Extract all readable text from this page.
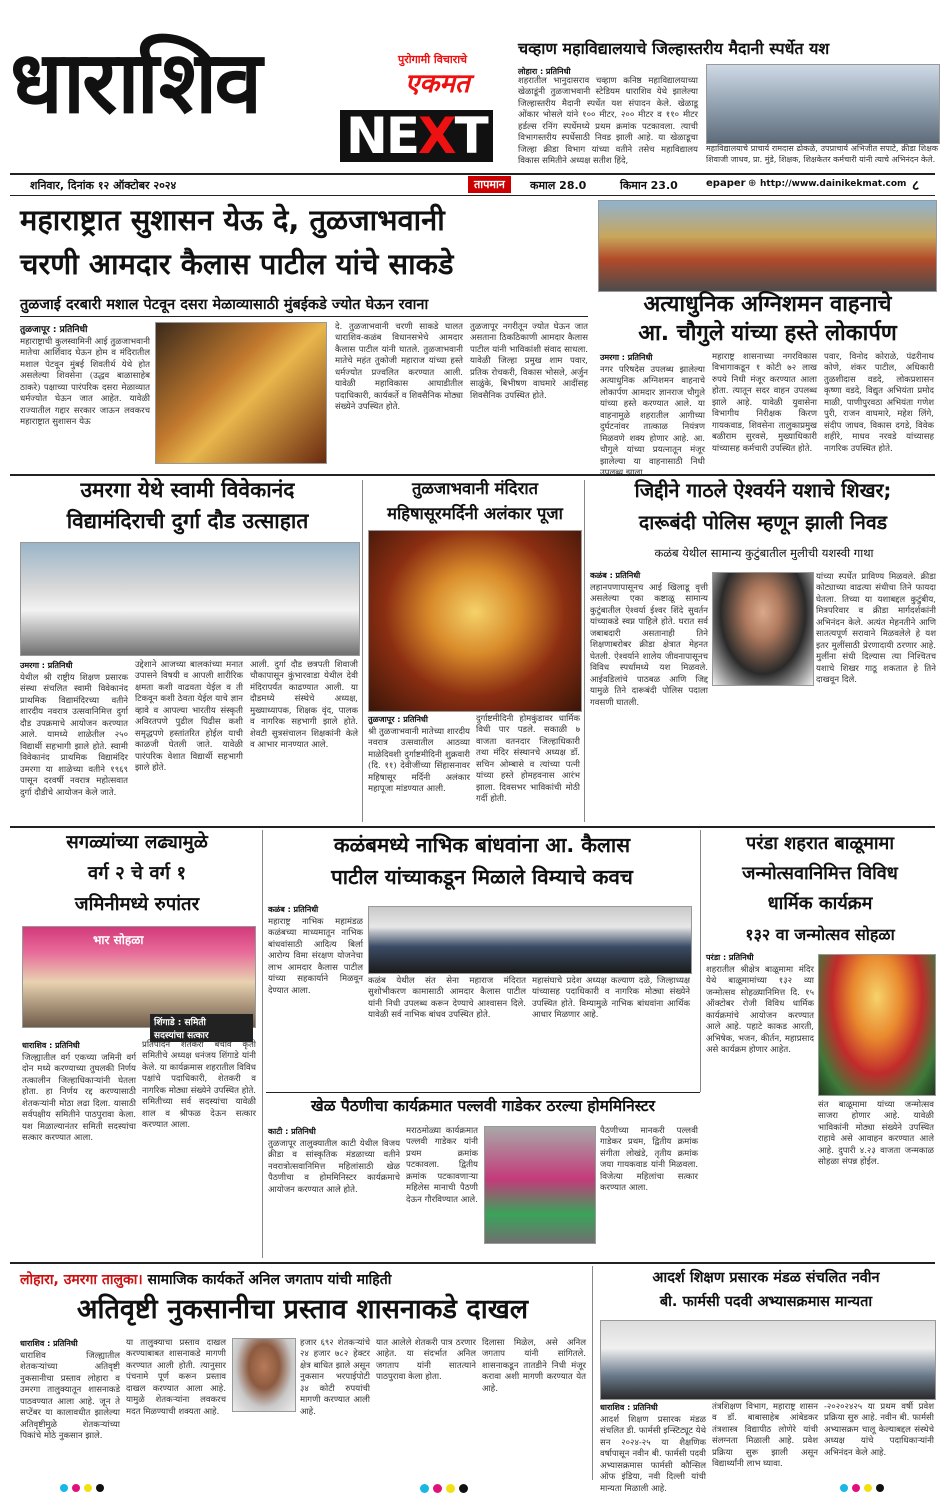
धाराशिव	पुरोगामी विचाराचे
एकमत
NEXT
चव्हाण महाविद्यालयाचे जिल्हास्तरीय मैदानी स्पर्धेत यश
लोहारा : प्रतिनिधी
शहरातील भानुदासराव चव्हाण कनिष्ठ महाविद्यालयाच्या खेळाडूंनी तुळजाभवानी स्टेडियम धाराशिव येथे झालेल्या जिल्हास्तरीय मैदानी स्पर्धेत यश संपादन केले. खेळाडू ओंकार भोसले यांने १०० मीटर, २०० मीटर व ११० मीटर हर्डल्स रनिंग स्पर्धेमध्ये प्रथम क्रमांक पटकावला. त्याची विभागस्तरीय स्पर्धेसाठी निवड झाली आहे. या खेळाडूचा जिल्हा क्रीडा विभाग यांच्या वतीने तसेच महाविद्यालय विकास समितीने अध्यक्ष सतीश हिंदे,
महाविद्यालयाचे प्राचार्य रामदास ढोकळे, उपप्राचार्य अभिजीत सपाटे, क्रीडा शिक्षक शिवाजी जाधव, प्रा. मुंडे, शिक्षक, शिक्षकेतर कर्मचारी यांनी त्याचे अभिनंदन केले.
शनिवार, दिनांक १२ ऑक्टोबर २०२४	तापमान	कमाल 28.0	किमान 23.0	epaper ⊕ http://www.dainikekmat.com ८
महाराष्ट्रात सुशासन येऊ दे, तुळजाभवानी
चरणी आमदार कैलास पाटील यांचे साकडे
तुळजाई दरबारी मशाल पेटवून दसरा मेळाव्यासाठी मुंबईकडे ज्योत घेऊन रवाना
तुळजापूर : प्रतिनिधी
महाराष्ट्राची कुलस्वामिनी आई तुळजाभवानी मातेचा आर्शिवाद घेऊन होम व मंदिरातील मशाल पेटवून मुंबई शिवतीर्थ येथे होत असलेल्या शिवसेना (उद्धव बाळासाहेब ठाकरे) पक्षाच्या पारंपरिक दसरा मेळाव्यात धर्मज्योत घेऊन जात आहेत. यावेळी राज्यातील गद्दार सरकार जाऊन लवकरच महाराष्ट्रात सुशासन येऊ
दे. तुळजाभवानी चरणी साकडे घालत धाराशिव-कळंब विधानसभेचे आमदार कैलास पाटील यांनी घातले. तुळजाभवानी मातेचे महंत तुकोजी महाराज यांच्या हस्ते धर्मज्योत प्रज्वलित करण्यात आली. यावेळी महाविकास आघाडीतील पदाधिकारी, कार्यकर्ते व शिवसैनिक मोठ्या संख्येने उपस्थित होते.
तुळजापूर नगरीतून ज्योत घेऊन जात असताना ठिकठिकाणी आमदार कैलास पाटील यांनी भाविकांशी संवाद साधला. यावेळी जिल्हा प्रमुख शाम पवार, प्रतिक रोचकरी, विकास भोसले, अर्जुन साळुंके, बिभीषण वाघमारे आदींसह शिवसैनिक उपस्थित होते.
अत्याधुनिक अग्निशमन वाहनाचे
आ. चौगुले यांच्या हस्ते लोकार्पण
उमरगा : प्रतिनिधी
नगर परिषदेस उपलब्ध झालेल्या अत्याधुनिक अग्निशमन वाहनाचे लोकार्पण आमदार ज्ञानराज चौगुले यांच्या हस्ते करण्यात आले. या वाहनामुळे शहरातील आगीच्या दुर्घटनांवर तात्काळ नियंत्रण मिळवणे शक्य होणार आहे. आ. चौगुले यांच्या प्रयत्नातून मंजूर झालेल्या या वाहनासाठी निधी
महाराष्ट्र शासनाच्या नगरविकास विभागाकडून १ कोटी ७२ लाख रुपये निधी मंजूर करण्यात आला होता. त्यातून सदर वाहन उपलब्ध झाले आहे. यावेळी युवासेना विभागीय निरीक्षक किरण गायकवाड, शिवसेना तालुकाप्रमुख बळीराम सुरवसे, मुख्याधिकारी यांच्यासह कर्मचारी उपस्थित होते.
पवार, विनोद कोराळे, पंढरीनाथ कोणे, शंकर पाटील, अधिकारी तुळशीदास वडदे, लोकप्रशासन कृष्णा वडदे, विद्युत अभियंता प्रमोद माळी, पाणीपुरवठा अभियंता गणेश पुरी, राजन वाघमारे, महेश लिंगे, संदीप जाधव, विकास दगडे, विवेक शहीरे, माधव नरवडे यांच्यासह नागरिक उपस्थित होते.
उमरगा येथे स्वामी विवेकानंद
विद्यामंदिराची दुर्गा दौड उत्साहात
उमरगा : प्रतिनिधी
येथील श्री राष्ट्रीय शिक्षण प्रसारक संस्था संचलित स्वामी विवेकानंद प्राथमिक विद्यामंदिरच्या वतीने शारदीय नवरात्र उत्सवानिमित्त दुर्गा दौड उपक्रमाचे आयोजन करण्यात आले. यामध्ये शाळेतील २५० विद्यार्थी सहभागी झाले होते. स्वामी विवेकानंद प्राथमिक विद्यामंदिर उमरगा या शाळेच्या वतीने १९६९ पासून दरवर्षी नवरात्र महोत्सवात दुर्गा दौडीचे आयोजन केले जाते.
उद्देशाने आजच्या बालकांच्या मनात उपासने विषयी व आपली शारीरिक क्षमता कशी वाढवता येईल व ती टिकवून कशी ठेवता येईल याचे ज्ञान व्हावे व आपल्या भारतीय संस्कृती अविरतपणे पुढील पिढीस कशी समृद्धपणे हस्तांतरित होईल याची काळजी घेतली जाते. यावेळी पारंपरिक वेशात विद्यार्थी सहभागी झाले होते.
आली. दुर्गा दौड छत्रपती शिवाजी चौकापासून कुंभारवाडा येथील देवी मंदिरापर्यंत काढण्यात आली. या दौडमध्ये संस्थेचे अध्यक्ष, मुख्याध्यापक, शिक्षक वृंद, पालक व नागरिक सहभागी झाले होते. शेवटी सुत्रसंचालन शिक्षकांनी केले व आभार मानण्यात आले.
तुळजाभवानी मंदिरात
महिषासूरमर्दिनी अलंकार पूजा
तुळजापूर : प्रतिनिधी
श्री तुळजाभवानी मातेच्या शारदीय नवरात्र उत्सवातील आठव्या माळेदिवशी दुर्गाष्टमीदिनी शुक्रवारी (दि. ११) देवीजींच्या सिंहासनावर महिषासूर मर्दिनी अलंकार महापूजा मांडण्यात आली.
दुर्गाष्टमीदिनी होमकुंडावर धार्मिक विधी पार पडले. सकाळी ७ वाजता वतनदार जिल्हाधिकारी तथा मंदिर संस्थानचे अध्यक्ष डॉ. सचिन ओम्बासे व त्यांच्या पत्नी यांच्या हस्ते होमहवनास आरंभ झाला. दिवसभर भाविकांची मोठी गर्दी होती.
जिद्दीने गाठले ऐश्वर्यने यशाचे शिखर;
दारूबंदी पोलिस म्हणून झाली निवड
कळंब येथील सामान्य कुटुंबातील मुलीची यशस्वी गाथा
कळंब : प्रतिनिधी
लहानपणापासूनच आई खिलाडू वृत्ती असलेल्या एका कष्टाळू सामान्य कुटुंबातील ऐश्वर्या ईश्वर शिंदे सुवर्तन यांच्याकडे स्वप्न पाहिले होते. घरात सर्व जबाबदारी असतानाही तिने शिक्षणाबरोबर क्रीडा क्षेत्रात मेहनत घेतली. ऐश्वर्याने शालेय जीवनापासूनच विविध स्पर्धांमध्ये यश मिळवले. आईवडिलांचे पाठबळ आणि जिद्द यामुळे तिने दारूबंदी पोलिस पदाला गवसणी घातली.
यांच्या स्पर्धेत प्राविण्य मिळवले. क्रीडा कोट्याच्या वाढत्या संधीचा तिने फायदा घेतला. तिच्या या यशाबद्दल कुटुंबीय, मित्रपरिवार व क्रीडा मार्गदर्शकांनी अभिनंदन केले. अत्यंत मेहनतीने आणि सातत्यपूर्ण सरावाने मिळवलेले हे यश इतर मुलींसाठी प्रेरणादायी ठरणार आहे. मुलींना संधी दिल्यास त्या निश्चितच यशाचे शिखर गाठू शकतात हे तिने दाखवून दिले.
सगळ्यांच्या लढ्यामुळे
वर्ग २ चे वर्ग १
जमिनीमध्ये रुपांतर
भार सोहळा
शिंगाडे : समिती
सदस्यांचा सत्कार
धाराशिव : प्रतिनिधी
जिल्ह्यातील वर्ग एकच्या जमिनी वर्ग दोन मध्ये करण्याच्या तुघलकी निर्णय तत्कालीन जिल्हाधिकाऱ्यांनी घेतला होता. हा निर्णय रद्द करण्यासाठी शेतकऱ्यांनी मोठा लढा दिला. यासाठी सर्वपक्षीय समितीने पाठपुरावा केला. यश मिळाल्यानंतर समिती सदस्यांचा सत्कार करण्यात आला.
प्रतिपादन शेतकरी बचाव कृती समितीचे अध्यक्ष धनंजय शिंगाडे यांनी केले. या कार्यक्रमास शहरातील विविध पक्षांचे पदाधिकारी, शेतकरी व नागरिक मोठ्या संख्येने उपस्थित होते. समितीच्या सर्व सदस्यांचा यावेळी शाल व श्रीफळ देऊन सत्कार करण्यात आला.
कळंबमध्ये नाभिक बांधवांना आ. कैलास
पाटील यांच्याकडून मिळाले विम्याचे कवच
कळंब : प्रतिनिधी
महाराष्ट्र नाभिक महामंडळ कळंबच्या माध्यमातून नाभिक बांधवांसाठी आदित्य बिर्ला आरोग्य विमा संरक्षण योजनेचा लाभ आमदार कैलास पाटील यांच्या सहकार्याने मिळवून देण्यात आला.
कळंब येथील संत सेना महाराज मंदिरात सुशोभीकरण कामासाठी आमदार कैलास पाटील यांनी निधी उपलब्ध करून देण्याचे आश्वासन दिले. यावेळी सर्व नाभिक बांधव उपस्थित होते.
महासंघाचे प्रदेश अध्यक्ष कल्याण दळे, जिल्हाध्यक्ष यांच्यासह पदाधिकारी व नागरिक मोठ्या संख्येने उपस्थित होते. विम्यामुळे नाभिक बांधवांना आर्थिक आधार मिळणार आहे.
परंडा शहरात बाळूमामा
जन्मोत्सवानिमित्त विविध
धार्मिक कार्यक्रम
१३२ वा जन्मोत्सव सोहळा
परंडा : प्रतिनिधी
शहरातील श्रीक्षेत्र बाळूमामा मंदिर येथे बाळूमामांच्या १३२ व्या जन्मोत्सव सोहळ्यानिमित्त दि. १५ ऑक्टोबर रोजी विविध धार्मिक कार्यक्रमांचे आयोजन करण्यात आले आहे. पहाटे काकड आरती, अभिषेक, भजन, कीर्तन, महाप्रसाद असे कार्यक्रम होणार आहेत.
संत बाळूमामा यांच्या जन्मोत्सव साजरा होणार आहे. यावेळी भाविकांनी मोठ्या संख्येने उपस्थित राहावे असे आवाहन करण्यात आले आहे. दुपारी ४.२३ वाजता जन्मकाळ सोहळा संपन्न होईल.
खेळ पैठणीचा कार्यक्रमात पल्लवी गाडेकर ठरल्या होममिनिस्टर
काटी : प्रतिनिधी
तुळजापूर तालुक्यातील काटी येथील विजय क्रीडा व सांस्कृतिक मंडळाच्या वतीने नवरात्रोत्सवानिमित्त महिलांसाठी खेळ पैठणीचा व होममिनिस्टर कार्यक्रमाचे आयोजन करण्यात आले होते.
मराठमोळ्या कार्यक्रमात पल्लवी गाडेकर यांनी प्रथम क्रमांक पटकावला. द्वितीय क्रमांक पटकावणाऱ्या महिलेस मानाची पैठणी देऊन गौरविण्यात आले.
पैठणीच्या मानकरी पल्लवी गाडेकर प्रथम, द्वितीय क्रमांक संगीता लोखंडे, तृतीय क्रमांक जया गायकवाड यांनी मिळवला. विजेत्या महिलांचा सत्कार करण्यात आला.
लोहारा, उमरगा तालुका। सामाजिक कार्यकर्ते अनिल जगताप यांची माहिती
अतिवृष्टी नुकसानीचा प्रस्ताव शासनाकडे दाखल
धाराशिव : प्रतिनिधी
धाराशिव जिल्ह्यातील शेतकऱ्यांच्या अतिवृष्टी नुकसानीचा प्रस्ताव लोहारा व उमरगा तालुक्यातून शासनाकडे पाठवण्यात आला आहे. जून ते सप्टेंबर या कालावधीत झालेल्या अतिवृष्टीमुळे शेतकऱ्यांच्या पिकांचे मोठे नुकसान झाले.
या तालुक्याचा प्रस्ताव दाखल करण्याबाबत शासनाकडे मागणी करण्यात आली होती. त्यानुसार पंचनामे पूर्ण करून प्रस्ताव दाखल करण्यात आला आहे. यामुळे शेतकऱ्यांना लवकरच मदत मिळण्याची शक्यता आहे.
हजार ६९२ शेतकऱ्यांचे २४ हजार ७८२ हेक्टर क्षेत्र बाधित झाले असून नुकसान भरपाईपोटी ३४ कोटी रुपयांची मागणी करण्यात आली आहे.
यात आलेले शेतकरी पात्र ठरणार आहेत. या संदर्भात अनिल जगताप यांनी सातत्याने पाठपुरावा केला होता.
दिलासा मिळेल, असे अनिल जगताप यांनी सांगितले. शासनाकडून तातडीने निधी मंजूर करावा अशी मागणी करण्यात येत आहे.
आदर्श शिक्षण प्रसारक मंडळ संचलित नवीन
बी. फार्मसी पदवी अभ्यासक्रमास मान्यता
धाराशिव : प्रतिनिधी
आदर्श शिक्षण प्रसारक मंडळ संचलित डी. फार्मसी इन्स्टिट्यूट येथे सन २०२४-२५ या शैक्षणिक वर्षापासून नवीन बी. फार्मसी पदवी अभ्यासक्रमास फार्मसी कौन्सिल ऑफ इंडिया, नवी दिल्ली यांची मान्यता मिळाली आहे.
तंत्रशिक्षण विभाग, महाराष्ट्र शासन व डॉ. बाबासाहेब आंबेडकर तंत्रशास्त्र विद्यापीठ लोणेरे यांची संलग्नता मिळाली आहे. प्रवेश प्रक्रिया सुरू झाली असून विद्यार्थ्यांनी लाभ घ्यावा.
-२०२०२४२५ या प्रथम वर्षी प्रवेश प्रक्रिया सुरु आहे. नवीन बी. फार्मसी अभ्यासक्रम चालू केल्याबद्दल संस्थेचे अध्यक्ष यांचे पदाधिकाऱ्यांनी अभिनंदन केले आहे.
